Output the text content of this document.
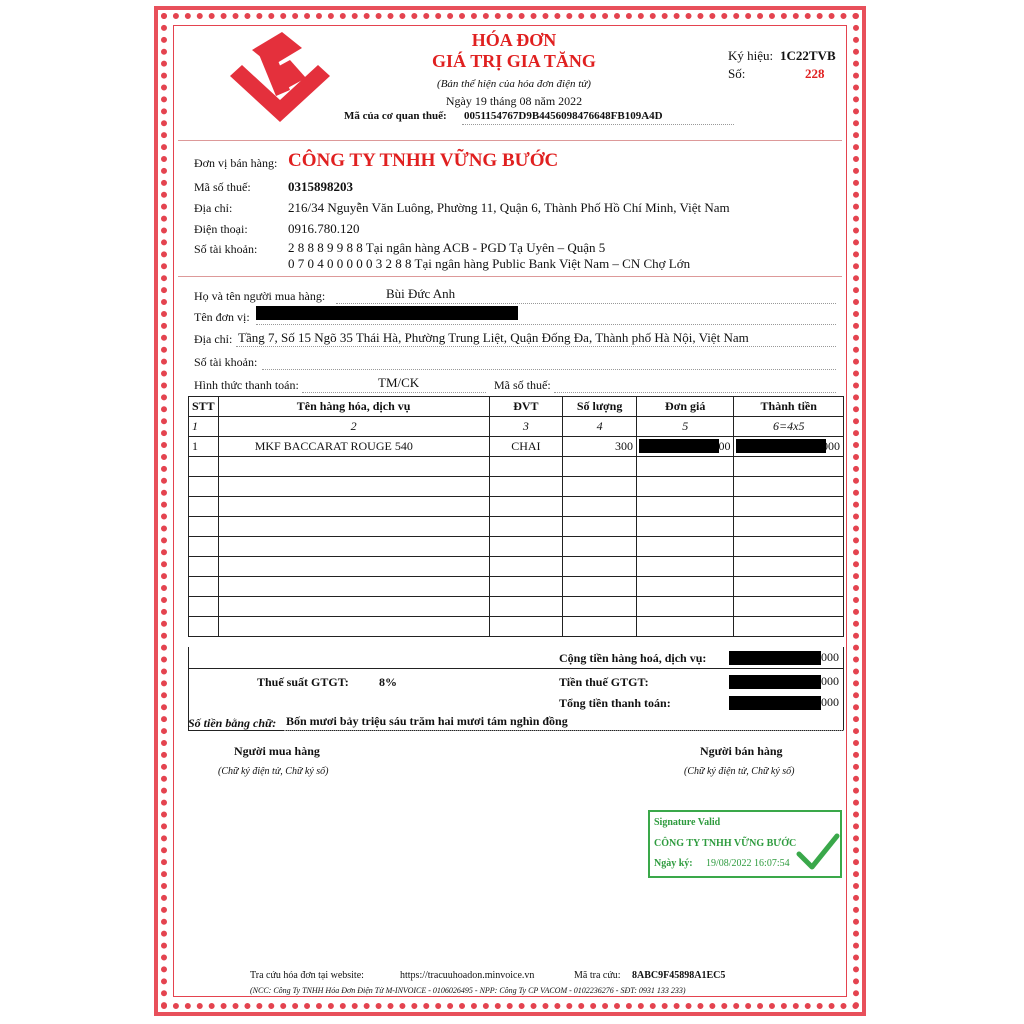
HÓA ĐƠN
GIÁ TRỊ GIA TĂNG
(Bản thể hiện của hóa đơn điện tử)
Ngày 19 tháng 08 năm 2022
Mã của cơ quan thuế: 0051154767D9B4456098476648FB109A4D
Ký hiệu: 1C22TVB
Số:	228
Đơn vị bán hàng: CÔNG TY TNHH VỮNG BƯỚC
Mã số thuế:	0315898203
Địa chỉ:	216/34 Nguyễn Văn Luông, Phường 11, Quận 6, Thành Phố Hồ Chí Minh, Việt Nam
Điện thoại:	0916.780.120
Số tài khoản: 2 8 8 8 9 9 8 8 Tại ngân hàng ACB - PGD Tạ Uyên – Quận 5
0 7 0 4 0 0 0 0 0 3 2 8 8 Tại ngân hàng Public Bank Việt Nam – CN Chợ Lớn
Họ và tên người mua hàng:	Bùi Đức Anh
Tên đơn vị:
Địa chỉ: Tầng 7, Số 15 Ngõ 35 Thái Hà, Phường Trung Liệt, Quận Đống Đa, Thành phố Hà Nội, Việt Nam
Số tài khoản:
Hình thức thanh toán:	TM/CK	Mã số thuế:
STT	Tên hàng hóa, dịch vụ	ĐVT	Số lượng	Đơn giá	Thành tiền
1	2	3	4	5	6=4x5
1	MKF BACCARAT ROUGE 540	CHAI	300	000	000

Cộng tiền hàng hoá, dịch vụ:	000
Thuế suất GTGT:	8%	Tiền thuế GTGT:	000
Tổng tiền thanh toán:	000
Số tiền bằng chữ: Bốn mươi bảy triệu sáu trăm hai mươi tám nghìn đồng
Người mua hàng
(Chữ ký điện tử, Chữ ký số)
Người bán hàng
(Chữ ký điện tử, Chữ ký số)
Signature Valid
CÔNG TY TNHH VỮNG BƯỚC
Ngày ký: 19/08/2022 16:07:54
Tra cứu hóa đơn tại website:	https://tracuuhoadon.minvoice.vn	Mã tra cứu: 8ABC9F45898A1EC5
(NCC: Công Ty TNHH Hóa Đơn Điện Tử M-INVOICE - 0106026495 - NPP: Công Ty CP VACOM - 0102236276 - SĐT: 0931 133 233)
